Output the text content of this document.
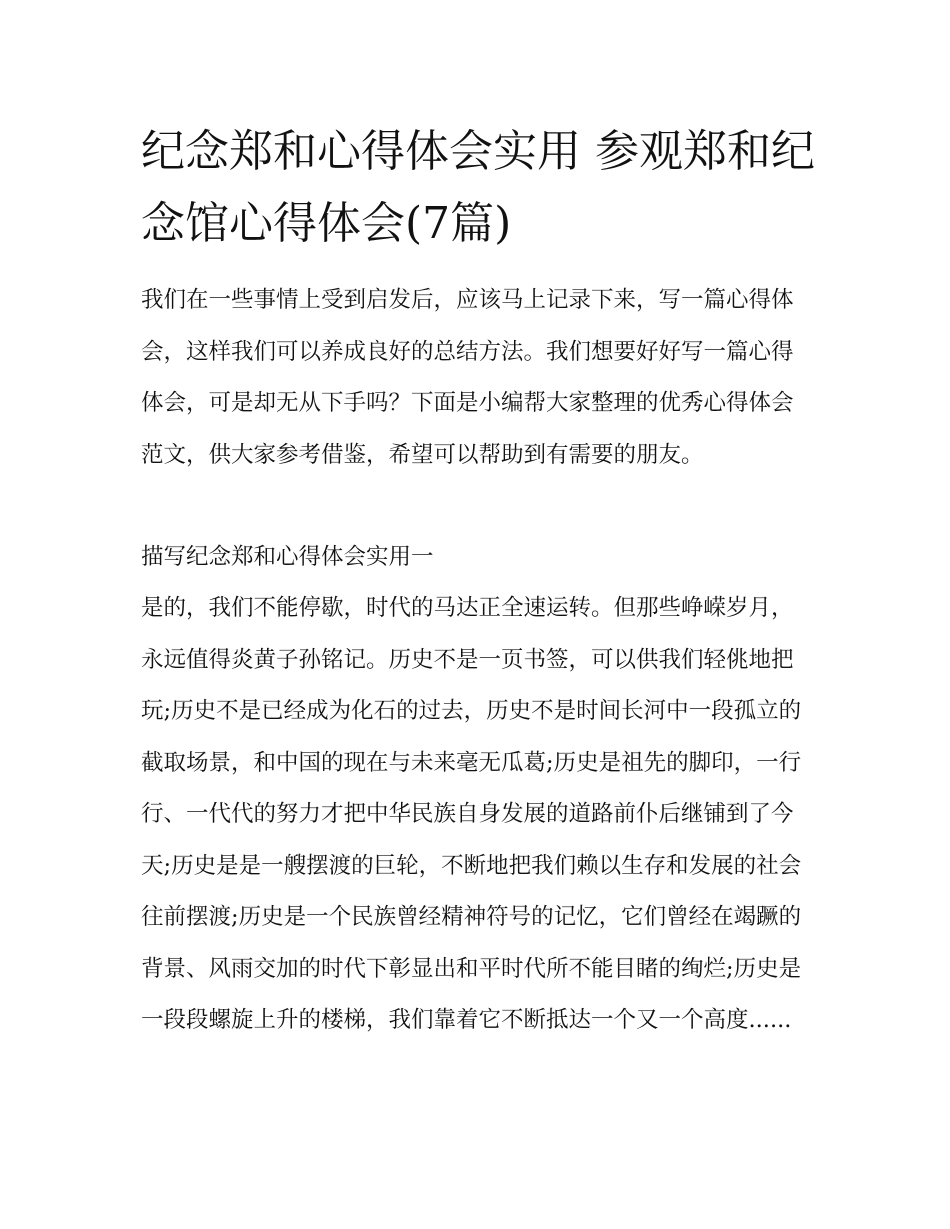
纪念郑和心得体会实用 参观郑和纪念馆心得体会(7篇)

我们在一些事情上受到启发后，应该马上记录下来，写一篇心得体会，这样我们可以养成良好的总结方法。我们想要好好写一篇心得体会，可是却无从下手吗？下面是小编帮大家整理的优秀心得体会范文，供大家参考借鉴，希望可以帮助到有需要的朋友。

描写纪念郑和心得体会实用一

是的，我们不能停歇，时代的马达正全速运转。但那些峥嵘岁月，永远值得炎黄子孙铭记。历史不是一页书签，可以供我们轻佻地把玩;历史不是已经成为化石的过去，历史不是时间长河中一段孤立的截取场景，和中国的现在与未来毫无瓜葛;历史是祖先的脚印，一行行、一代代的努力才把中华民族自身发展的道路前仆后继铺到了今天;历史是是一艘摆渡的巨轮，不断地把我们赖以生存和发展的社会往前摆渡;历史是一个民族曾经精神符号的记忆，它们曾经在竭蹶的背景、风雨交加的时代下彰显出和平时代所不能目睹的绚烂;历史是一段段螺旋上升的楼梯，我们靠着它不断抵达一个又一个高度......
